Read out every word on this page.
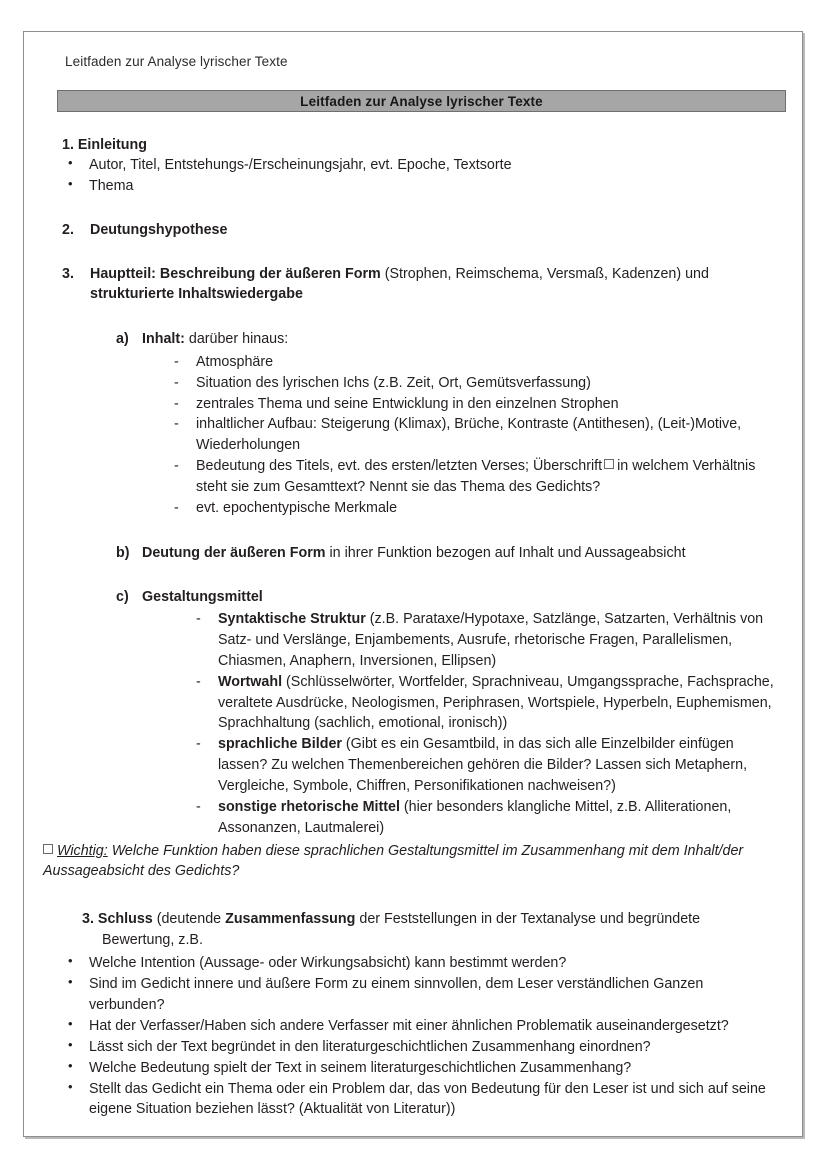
Leitfaden zur Analyse lyrischer Texte
Leitfaden zur Analyse lyrischer Texte
1. Einleitung
• Autor, Titel, Entstehungs-/Erscheinungsjahr, evt. Epoche, Textsorte
• Thema
2. Deutungshypothese
3. Hauptteil: Beschreibung der äußeren Form (Strophen, Reimschema, Versmaß, Kadenzen) und strukturierte Inhaltswiedergabe
a) Inhalt: darüber hinaus:
- Atmosphäre
- Situation des lyrischen Ichs (z.B. Zeit, Ort, Gemütsverfassung)
- zentrales Thema und seine Entwicklung in den einzelnen Strophen
- inhaltlicher Aufbau: Steigerung (Klimax), Brüche, Kontraste (Antithesen), (Leit-)Motive, Wiederholungen
- Bedeutung des Titels, evt. des ersten/letzten Verses; Überschrift in welchem Verhältnis steht sie zum Gesamttext? Nennt sie das Thema des Gedichts?
- evt. epochentypische Merkmale
b) Deutung der äußeren Form in ihrer Funktion bezogen auf Inhalt und Aussageabsicht
c) Gestaltungsmittel
- Syntaktische Struktur (z.B. Parataxe/Hypotaxe, Satzlänge, Satzarten, Verhältnis von Satz- und Verslänge, Enjambements, Ausrufe, rhetorische Fragen, Parallelismen, Chiasmen, Anaphern, Inversionen, Ellipsen)
- Wortwahl (Schlüsselwörter, Wortfelder, Sprachniveau, Umgangssprache, Fachsprache, veraltete Ausdrücke, Neologismen, Periphrasen, Wortspiele, Hyperbeln, Euphemismen, Sprachhaltung (sachlich, emotional, ironisch))
- sprachliche Bilder (Gibt es ein Gesamtbild, in das sich alle Einzelbilder einfügen lassen? Zu welchen Themenbereichen gehören die Bilder? Lassen sich Metaphern, Vergleiche, Symbole, Chiffren, Personifikationen nachweisen?)
- sonstige rhetorische Mittel (hier besonders klangliche Mittel, z.B. Alliterationen, Assonanzen, Lautmalerei)
Wichtig: Welche Funktion haben diese sprachlichen Gestaltungsmittel im Zusammenhang mit dem Inhalt/der Aussageabsicht des Gedichts?
3. Schluss (deutende Zusammenfassung der Feststellungen in der Textanalyse und begründete Bewertung, z.B.
• Welche Intention (Aussage- oder Wirkungsabsicht) kann bestimmt werden?
• Sind im Gedicht innere und äußere Form zu einem sinnvollen, dem Leser verständlichen Ganzen verbunden?
• Hat der Verfasser/Haben sich andere Verfasser mit einer ähnlichen Problematik auseinandergesetzt?
• Lässt sich der Text begründet in den literaturgeschichtlichen Zusammenhang einordnen?
• Welche Bedeutung spielt der Text in seinem literaturgeschichtlichen Zusammenhang?
• Stellt das Gedicht ein Thema oder ein Problem dar, das von Bedeutung für den Leser ist und sich auf seine eigene Situation beziehen lässt? (Aktualität von Literatur))
